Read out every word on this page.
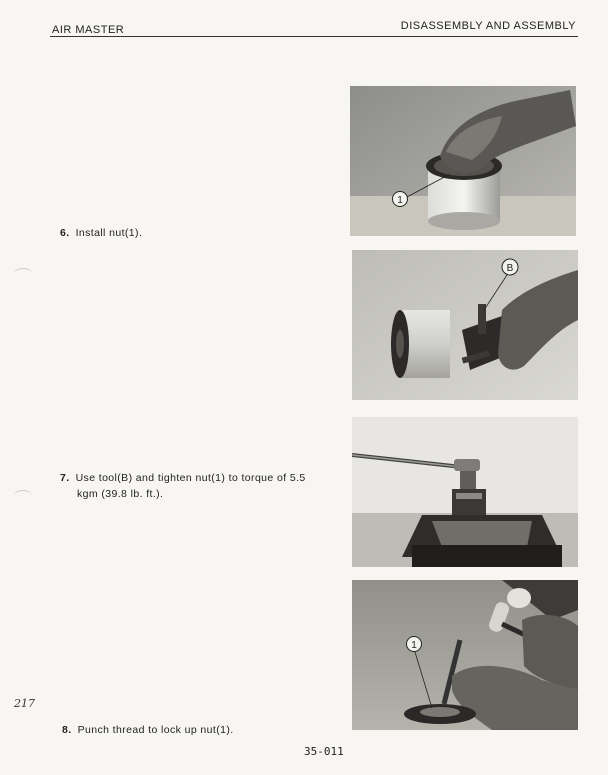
AIR MASTER	DISASSEMBLY AND ASSEMBLY
6. Install nut(1).
7. Use tool(B) and tighten nut(1) to torque of 5.5
kgm (39.8 lb. ft.).
8. Punch thread to lock up nut(1).
1
B
1
217
35-011
